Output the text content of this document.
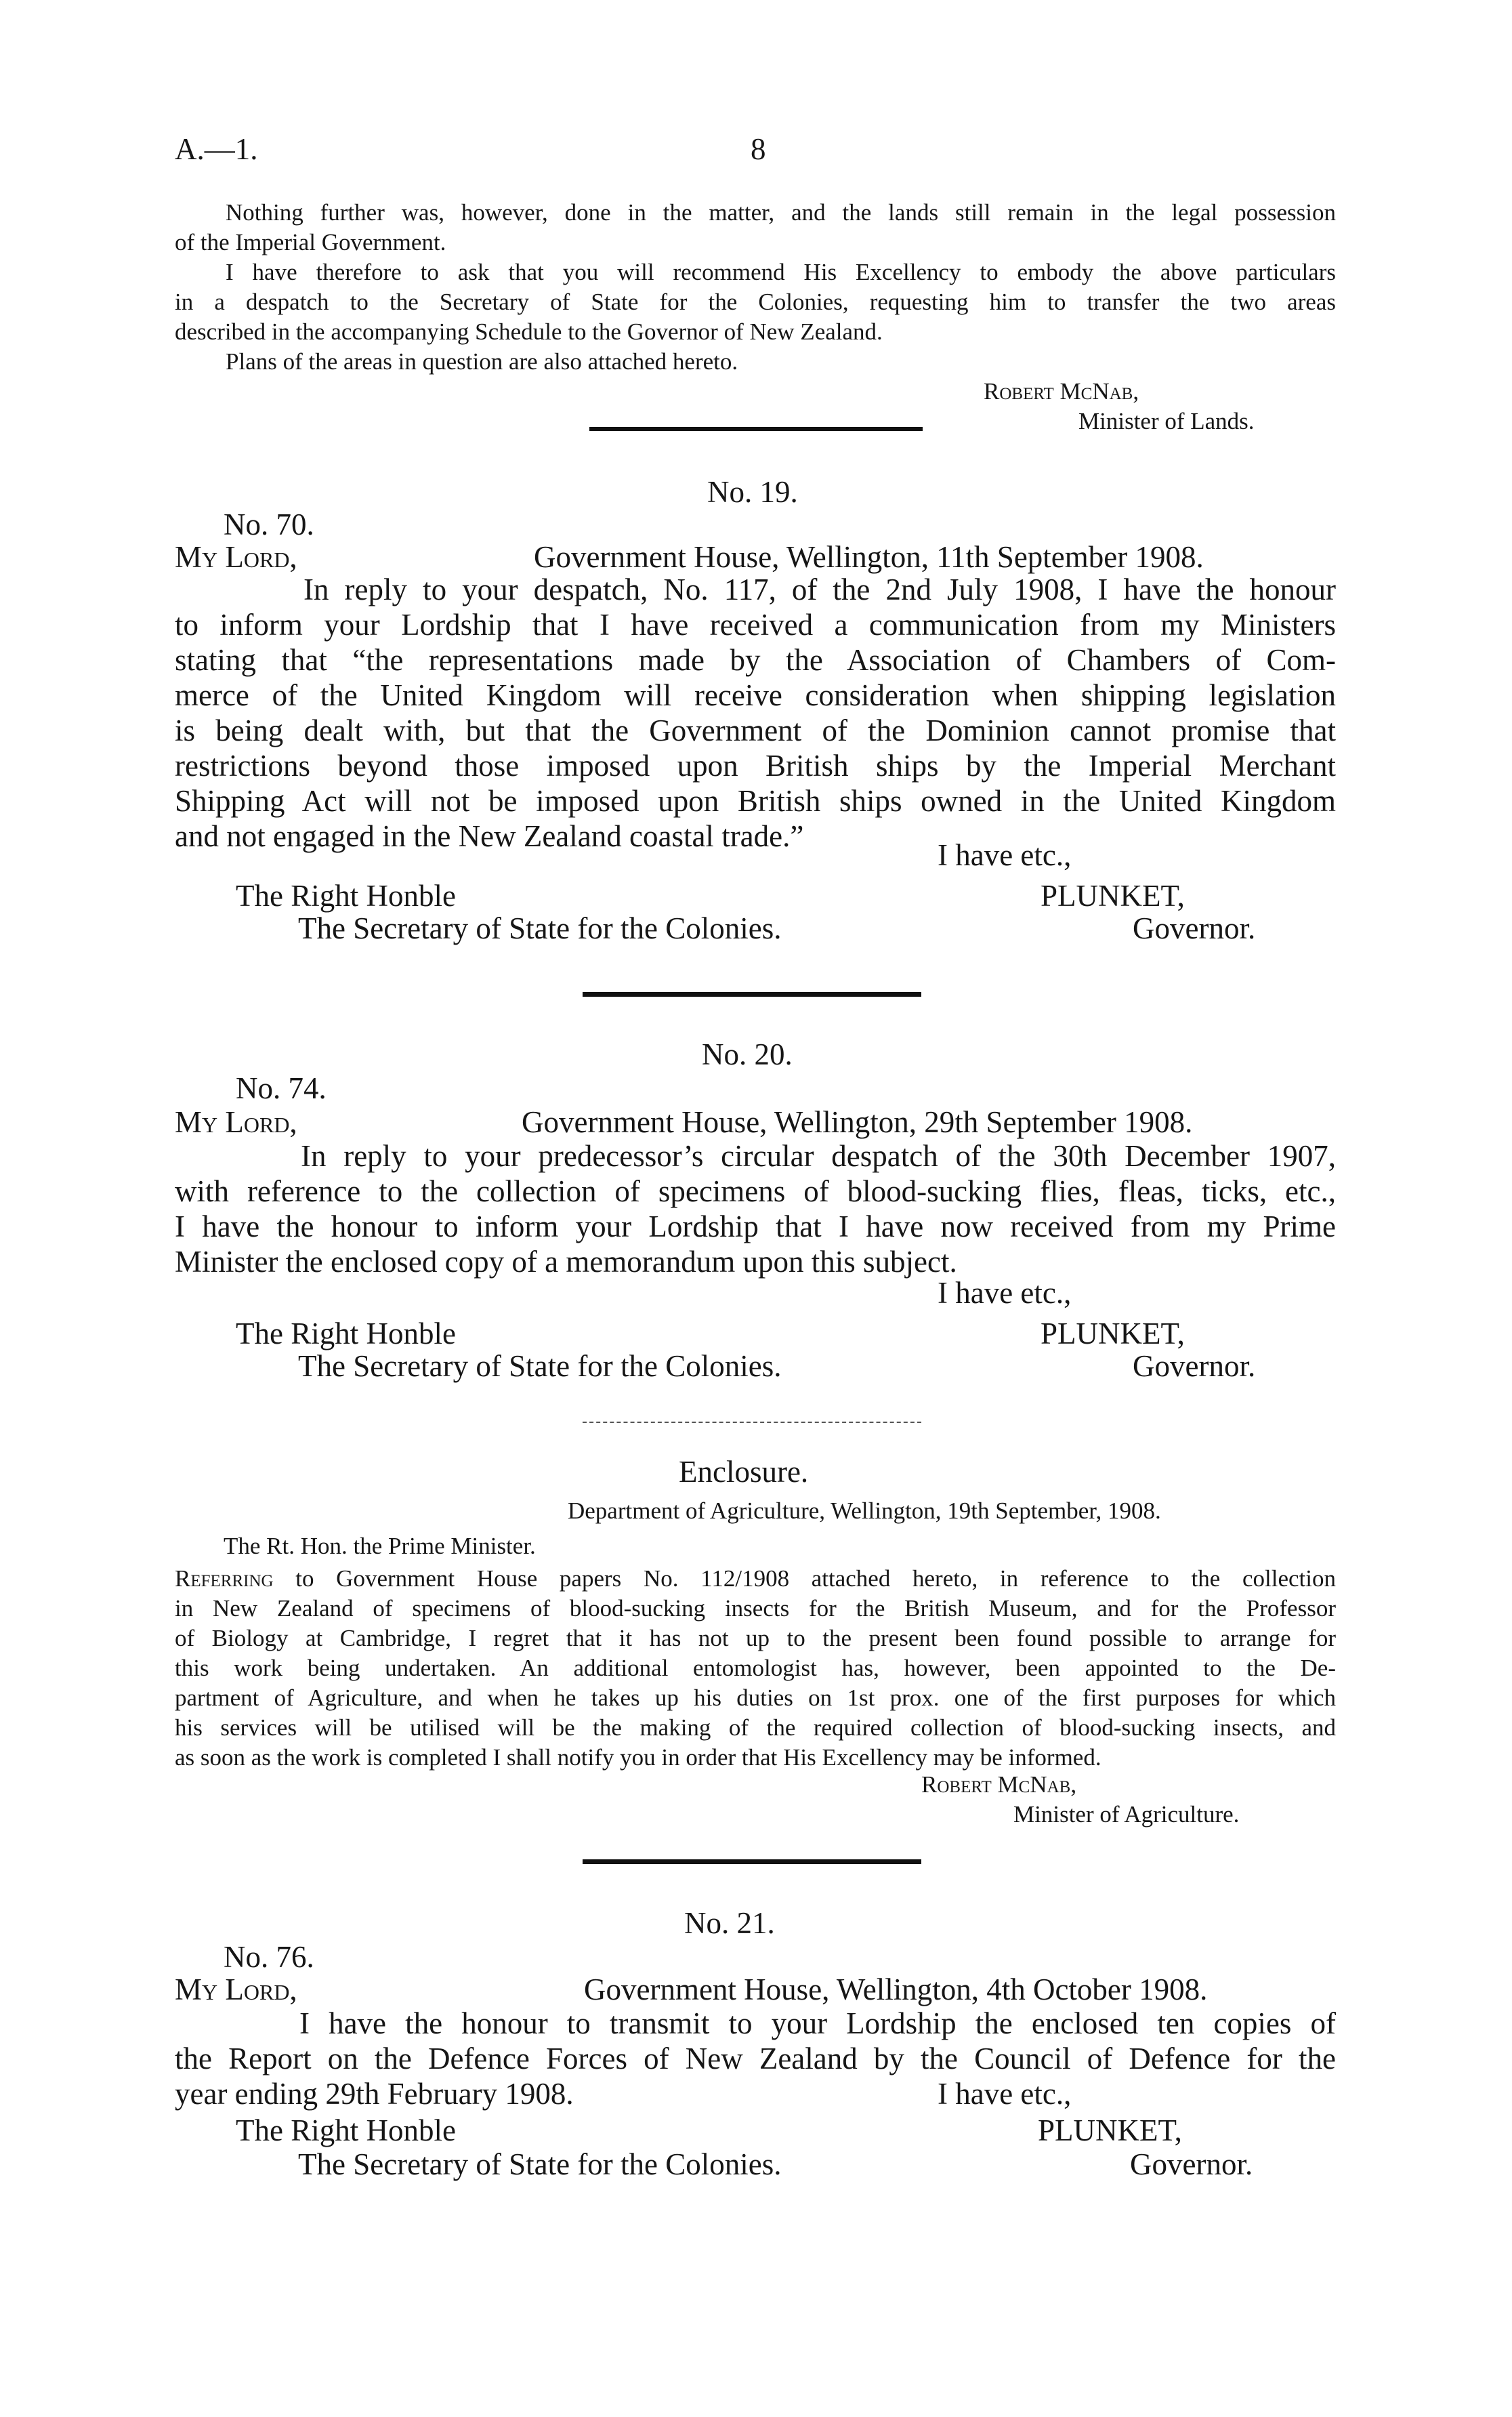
A.—1.	8
Nothing further was, however, done in the matter, and the lands still remain in the legal possession
of the Imperial Government.
I have therefore to ask that you will recommend His Excellency to embody the above particulars
in a despatch to the Secretary of State for the Colonies, requesting him to transfer the two areas
described in the accompanying Schedule to the Governor of New Zealand.
Plans of the areas in question are also attached hereto.
Robert McNab,
Minister of Lands.
No. 19.
No. 70.
My Lord,	Government House, Wellington, 11th September 1908.
In reply to your despatch, No. 117, of the 2nd July 1908, I have the honour
to inform your Lordship that I have received a communication from my Ministers
stating that “the representations made by the Association of Chambers of Com-
merce of the United Kingdom will receive consideration when shipping legislation
is being dealt with, but that the Government of the Dominion cannot promise that
restrictions beyond those imposed upon British ships by the Imperial Merchant
Shipping Act will not be imposed upon British ships owned in the United Kingdom
and not engaged in the New Zealand coastal trade.”
I have etc.,
The Right Honble	PLUNKET,
The Secretary of State for the Colonies.	Governor.
No. 20.
No. 74.
My Lord,	Government House, Wellington, 29th September 1908.
In reply to your predecessor’s circular despatch of the 30th December 1907,
with reference to the collection of specimens of blood-sucking flies, fleas, ticks, etc.,
I have the honour to inform your Lordship that I have now received from my Prime
Minister the enclosed copy of a memorandum upon this subject.
I have etc.,
The Right Honble	PLUNKET,
The Secretary of State for the Colonies.	Governor.
Enclosure.
Department of Agriculture, Wellington, 19th September, 1908.
The Rt. Hon. the Prime Minister.
Referring to Government House papers No. 112/1908 attached hereto, in reference to the collection
in New Zealand of specimens of blood-sucking insects for the British Museum, and for the Professor
of Biology at Cambridge, I regret that it has not up to the present been found possible to arrange for
this work being undertaken. An additional entomologist has, however, been appointed to the De-
partment of Agriculture, and when he takes up his duties on 1st prox. one of the first purposes for which
his services will be utilised will be the making of the required collection of blood-sucking insects, and
as soon as the work is completed I shall notify you in order that His Excellency may be informed.
Robert McNab,
Minister of Agriculture.
No. 21.
No. 76.
My Lord,	Government House, Wellington, 4th October 1908.
I have the honour to transmit to your Lordship the enclosed ten copies of
the Report on the Defence Forces of New Zealand by the Council of Defence for the
year ending 29th February 1908.	I have etc.,
The Right Honble	PLUNKET,
The Secretary of State for the Colonies.	Governor.
